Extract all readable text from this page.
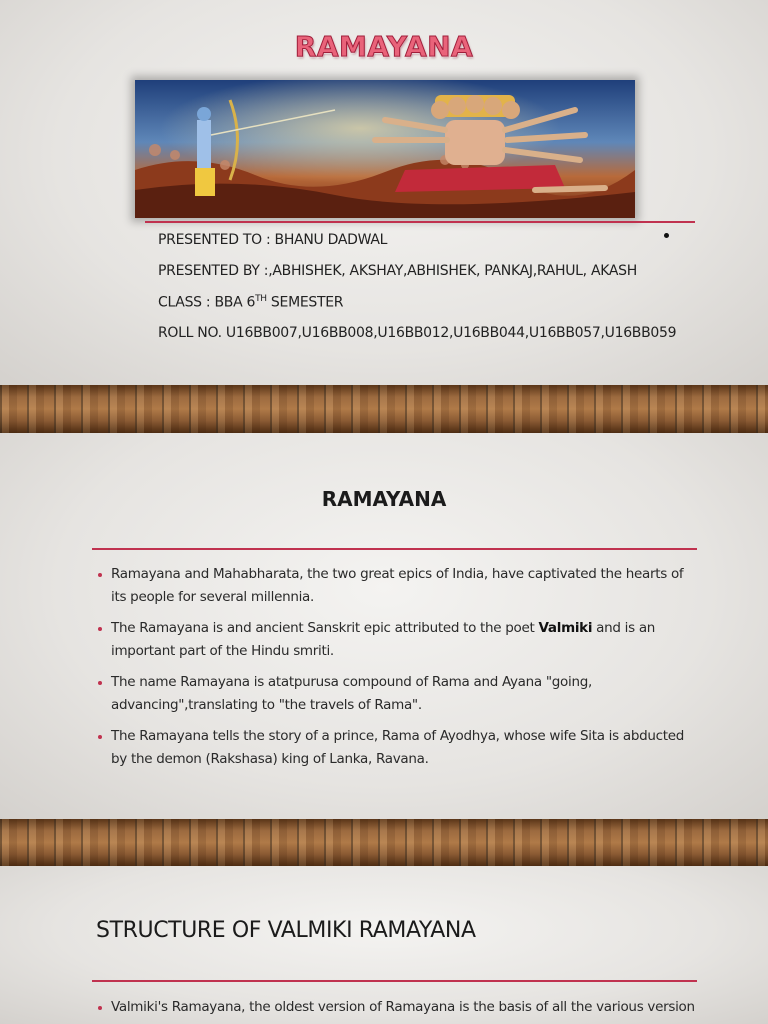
RAMAYANA
PRESENTED TO : BHANU DADWAL
PRESENTED BY :,ABHISHEK, AKSHAY,ABHISHEK, PANKAJ,RAHUL, AKASH
CLASS : BBA 6TH SEMESTER
ROLL NO. U16BB007,U16BB008,U16BB012,U16BB044,U16BB057,U16BB059
RAMAYANA
Ramayana and Mahabharata, the two great epics of India, have captivated the hearts of its people for several millennia.
The Ramayana is and ancient Sanskrit epic attributed to the poet Valmiki and is an important part of the Hindu smriti.
The name Ramayana is atatpurusa compound of Rama and Ayana "going, advancing",translating to "the travels of Rama".
The Ramayana tells the story of a prince, Rama of Ayodhya, whose wife Sita is abducted by the demon (Rakshasa) king of Lanka, Ravana.
STRUCTURE OF VALMIKI RAMAYANA
Valmiki's Ramayana, the oldest version of Ramayana is the basis of all the various version
